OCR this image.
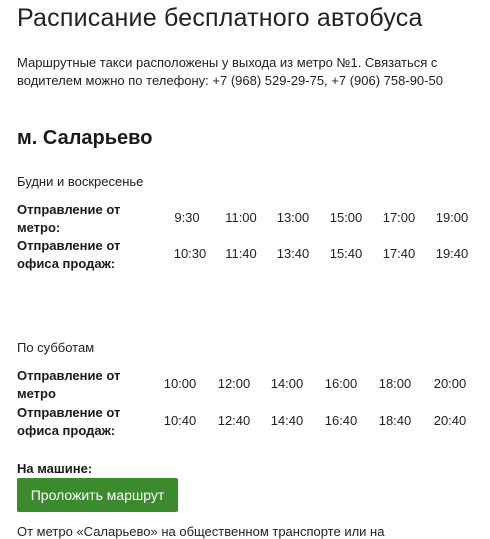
Расписание бесплатного автобуса
Маршрутные такси расположены у выхода из метро №1. Связаться с водителем можно по телефону: +7 (968) 529-29-75, +7 (906) 758-90-50
м. Саларьево
Будни и воскресенье
Отправление от метро:
9:30	11:00	13:00 15:00 17:00 19:00
Отправление от офиса продаж:
10:30	11:40	13:40 15:40 17:40 19:40
По субботам
Отправление от метро
10:00 12:00 14:00 16:00 18:00 20:00
Отправление от офиса продаж:
10:40 12:40 14:40 16:40 18:40 20:40
На машине:
Проложить маршрут
От метро «Саларьево» на общественном транспорте или на
